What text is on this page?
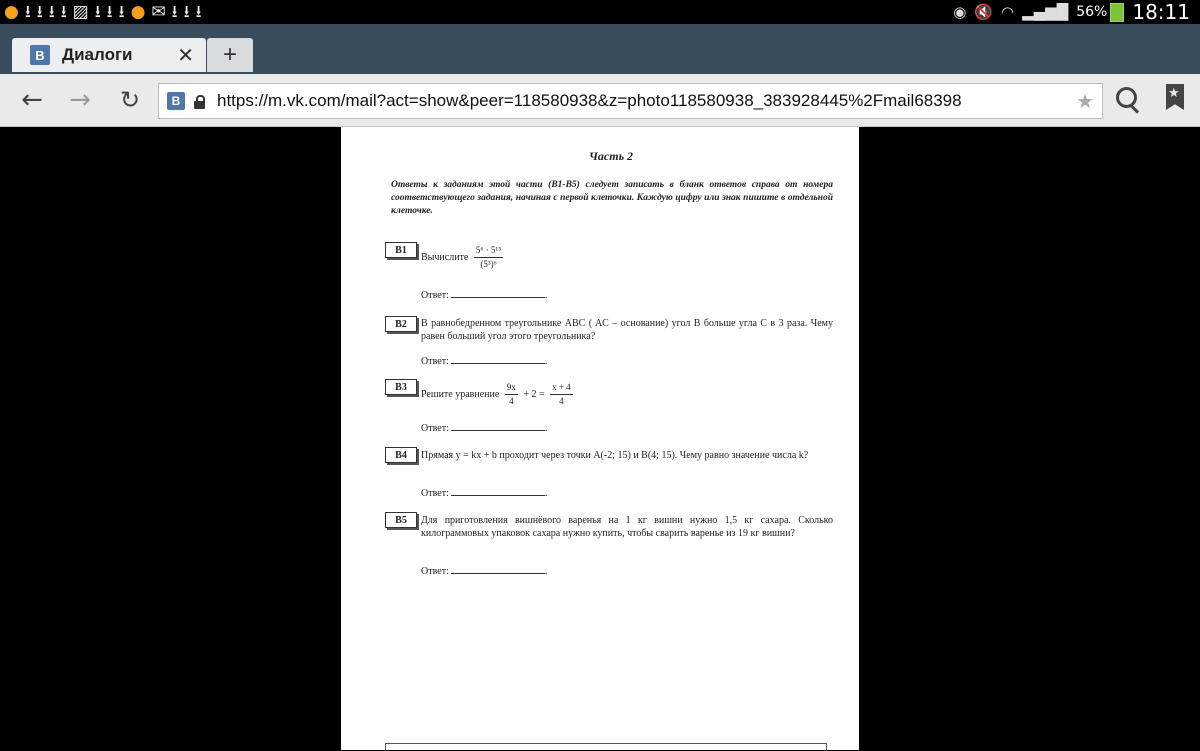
● ⭳ ⭳ ⭳ ⭳ ▨ ⭳ ⭳ ⭳ ● ✉ ⭳ ⭳ ⭳	◉ 🔇 ◠ ▂▄▆█ 56% 18:11
В	Диалоги	✕	+
← → ↻	В https://m.vk.com/mail?act=show&peer=118580938&z=photo118580938_383928445%2Fmail68398	★	★
Часть 2
Ответы к заданиям этой части (В1-В5) следует записать в бланк ответов справа от номера соответствующего задания, начиная с первой клеточки. Каждую цифру или знак пишите в отдельной клеточке.
B1
Вычислите $\frac{\text{5⁶ · 5¹⁵}}{\text{(5³)⁶}}$
Ответ:	.
B2	В равнобедренном треугольнике ABC ( AC – основание) угол B больше угла C в 3 раза. Чему равен больший угол этого треугольника?
Ответ:	.
B3
Решите уравнение $\frac{9x}{4} + 2 = \frac{x + 4}{4}$
Ответ:	.
B4	Прямая y = kx + b проходит через точки A(-2; 15) и B(4; 15). Чему равно значение числа k?
Ответ:	.
B5	Для приготовления вишнёвого варенья на 1 кг вишни нужно 1,5 кг сахара. Сколько килограммовых упаковок сахара нужно купить, чтобы сварить варенье из 19 кг вишни?
Ответ:	.
